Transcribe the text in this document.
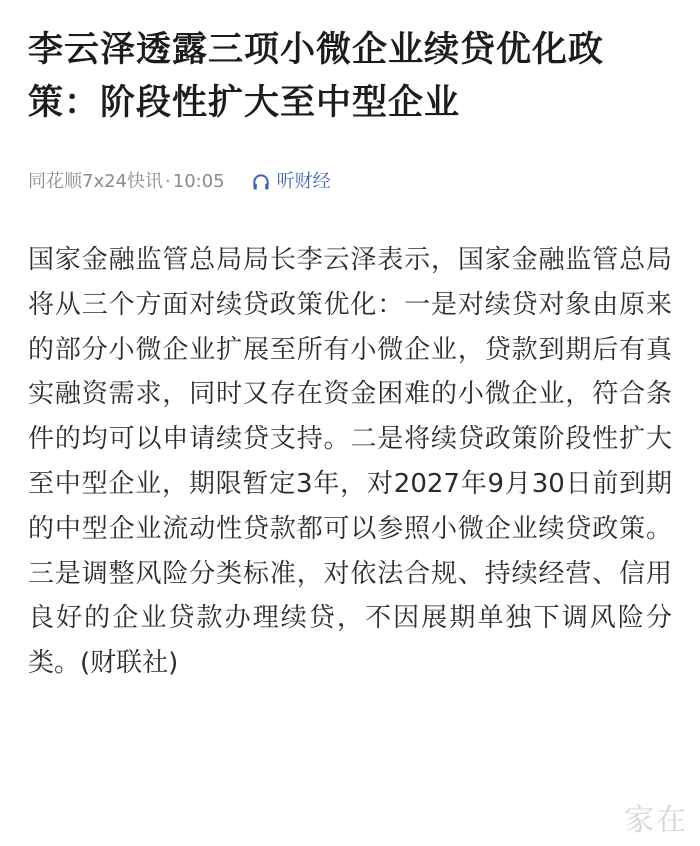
李云泽透露三项小微企业续贷优化政策：阶段性扩大至中型企业
同花顺7x24快讯 · 10:05	听财经

国家金融监管总局局长李云泽表示，国家金融监管总局将从三个方面对续贷政策优化：一是对续贷对象由原来的部分小微企业扩展至所有小微企业，贷款到期后有真实融资需求，同时又存在资金困难的小微企业，符合条件的均可以申请续贷支持。二是将续贷政策阶段性扩大至中型企业，期限暂定3年，对2027年9月30日前到期的中型企业流动性贷款都可以参照小微企业续贷政策。三是调整风险分类标准，对依法合规、持续经营、信用良好的企业贷款办理续贷，不因展期单独下调风险分类。(财联社)

家在
